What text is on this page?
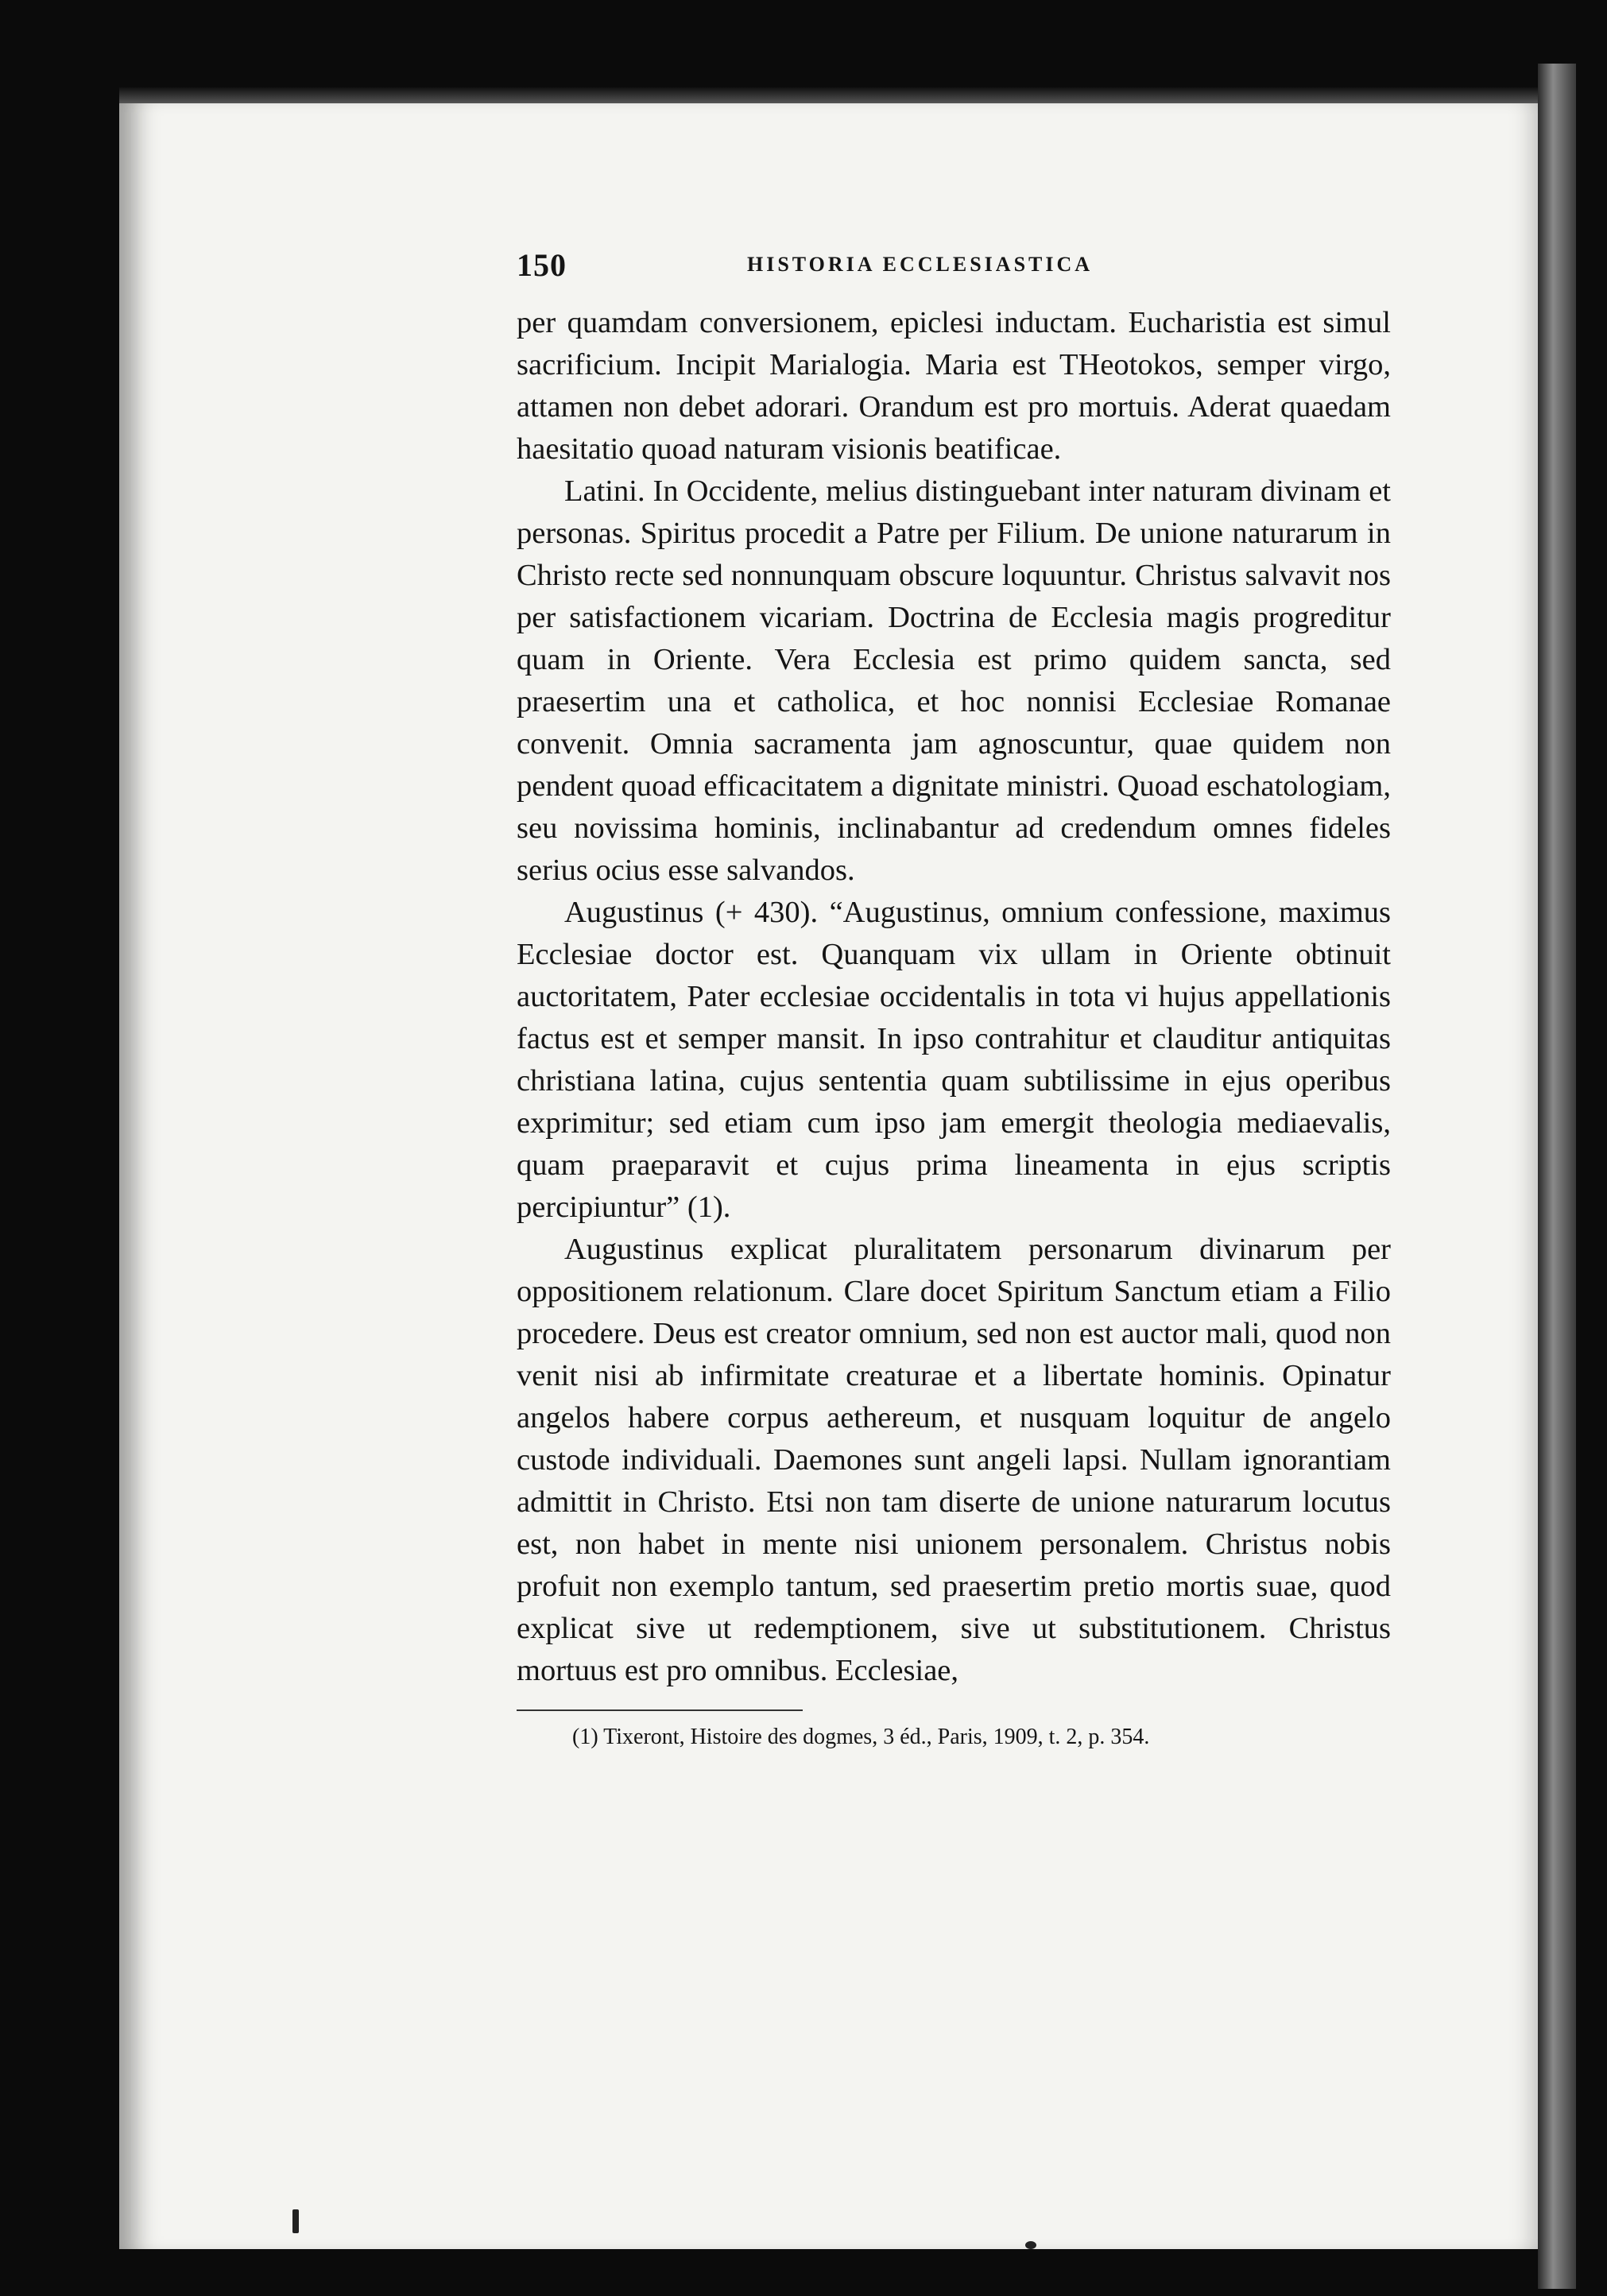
150	HISTORIA ECCLESIASTICA

per quamdam conversionem, epiclesi inductam. Eucharistia est simul sacrificium. Incipit Marialogia. Maria est THeotokos, semper virgo, attamen non debet adorari. Orandum est pro mortuis. Aderat quaedam haesitatio quoad naturam visionis beatificae.

Latini. In Occidente, melius distinguebant inter naturam divinam et personas. Spiritus procedit a Patre per Filium. De unione naturarum in Christo recte sed nonnunquam obscure loquuntur. Christus salvavit nos per satisfactionem vicariam. Doctrina de Ecclesia magis progreditur quam in Oriente. Vera Ecclesia est primo quidem sancta, sed praesertim una et catholica, et hoc nonnisi Ecclesiae Romanae convenit. Omnia sacramenta jam agnoscuntur, quae quidem non pendent quoad efficacitatem a dignitate ministri. Quoad eschatologiam, seu novissima hominis, inclinabantur ad credendum omnes fideles serius ocius esse salvandos.

Augustinus (+ 430). “Augustinus, omnium confessione, maximus Ecclesiae doctor est. Quanquam vix ullam in Oriente obtinuit auctoritatem, Pater ecclesiae occidentalis in tota vi hujus appellationis factus est et semper mansit. In ipso contrahitur et clauditur antiquitas christiana latina, cujus sententia quam subtilissime in ejus operibus exprimitur; sed etiam cum ipso jam emergit theologia mediaevalis, quam praeparavit et cujus prima lineamenta in ejus scriptis percipiuntur” (1).

Augustinus explicat pluralitatem personarum divinarum per oppositionem relationum. Clare docet Spiritum Sanctum etiam a Filio procedere. Deus est creator omnium, sed non est auctor mali, quod non venit nisi ab infirmitate creaturae et a libertate hominis. Opinatur angelos habere corpus aethereum, et nusquam loquitur de angelo custode individuali. Daemones sunt angeli lapsi. Nullam ignorantiam admittit in Christo. Etsi non tam diserte de unione naturarum locutus est, non habet in mente nisi unionem personalem. Christus nobis profuit non exemplo tantum, sed praesertim pretio mortis suae, quod explicat sive ut redemptionem, sive ut substitutionem. Christus mortuus est pro omnibus. Ecclesiae,

(1) Tixeront, Histoire des dogmes, 3 éd., Paris, 1909, t. 2, p. 354.
